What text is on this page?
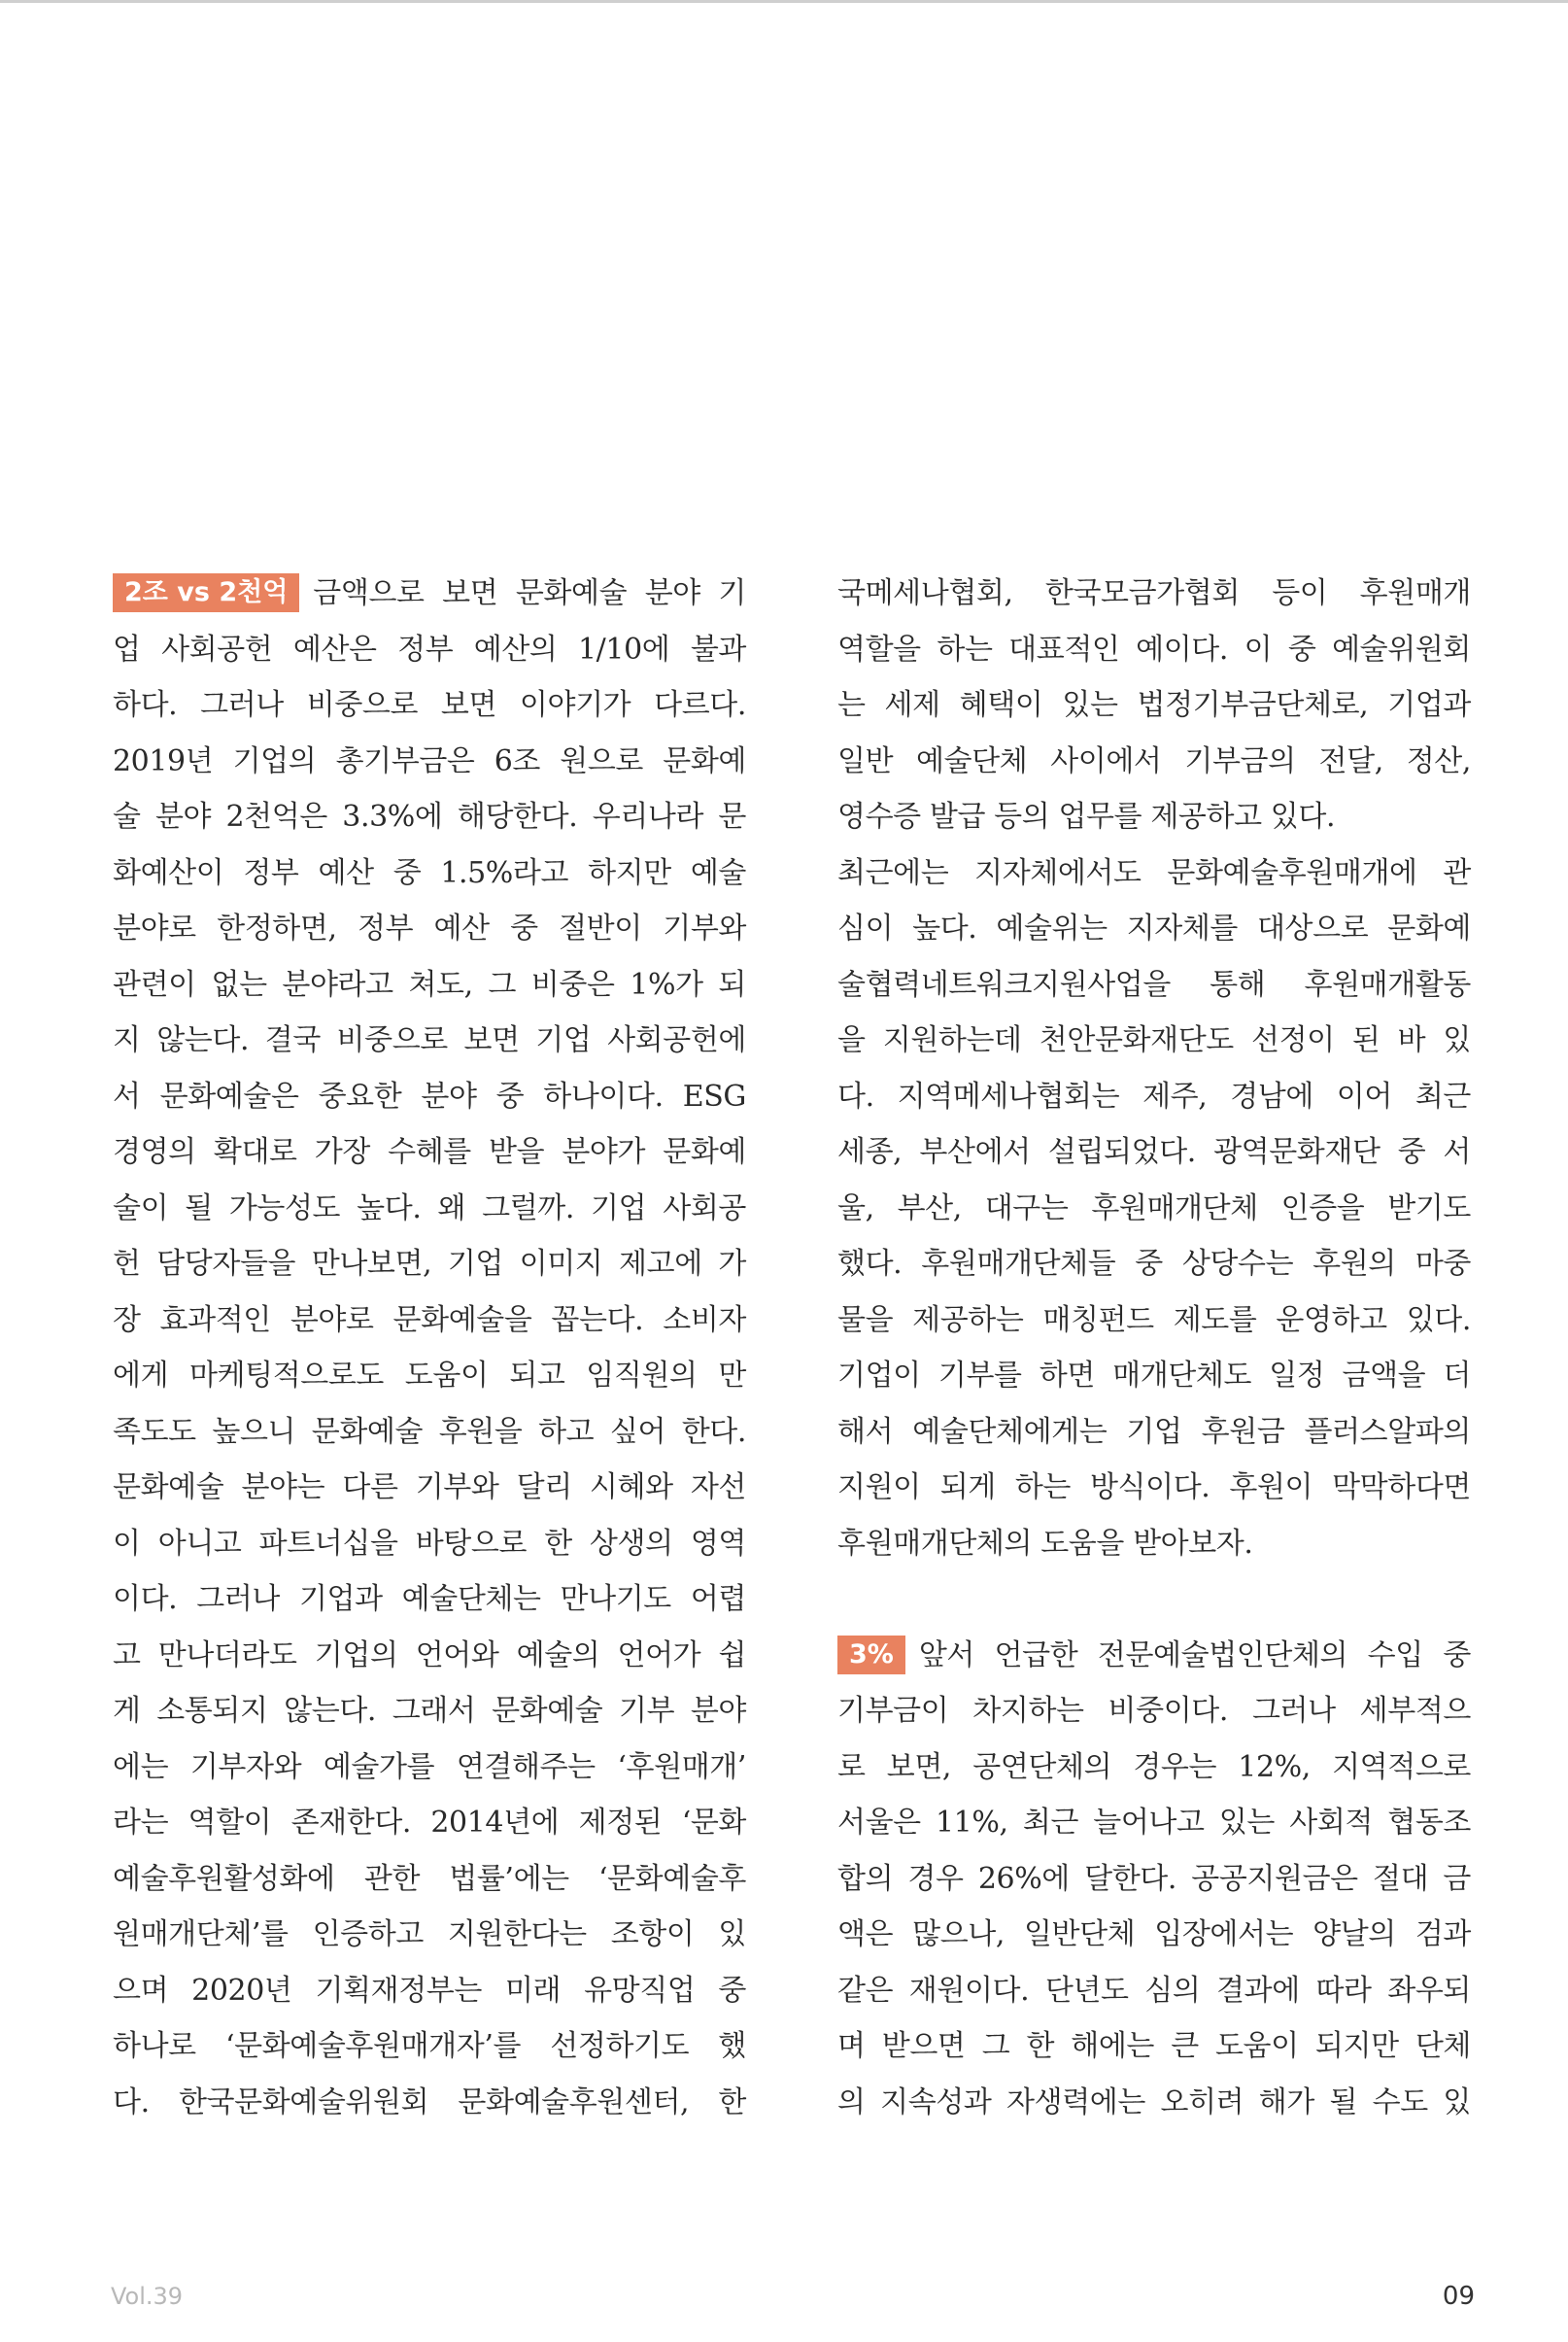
2조 vs 2천억 금액으로 보면 문화예술 분야 기
업 사회공헌 예산은 정부 예산의 1/10에 불과
하다. 그러나 비중으로 보면 이야기가 다르다.
2019년 기업의 총기부금은 6조 원으로 문화예
술 분야 2천억은 3.3%에 해당한다. 우리나라 문
화예산이 정부 예산 중 1.5%라고 하지만 예술
분야로 한정하면, 정부 예산 중 절반이 기부와
관련이 없는 분야라고 쳐도, 그 비중은 1%가 되
지 않는다. 결국 비중으로 보면 기업 사회공헌에
서 문화예술은 중요한 분야 중 하나이다. ESG
경영의 확대로 가장 수혜를 받을 분야가 문화예
술이 될 가능성도 높다. 왜 그럴까. 기업 사회공
헌 담당자들을 만나보면, 기업 이미지 제고에 가
장 효과적인 분야로 문화예술을 꼽는다. 소비자
에게 마케팅적으로도 도움이 되고 임직원의 만
족도도 높으니 문화예술 후원을 하고 싶어 한다.
문화예술 분야는 다른 기부와 달리 시혜와 자선
이 아니고 파트너십을 바탕으로 한 상생의 영역
이다. 그러나 기업과 예술단체는 만나기도 어렵
고 만나더라도 기업의 언어와 예술의 언어가 쉽
게 소통되지 않는다. 그래서 문화예술 기부 분야
에는 기부자와 예술가를 연결해주는 ‘후원매개’
라는 역할이 존재한다. 2014년에 제정된 ‘문화
예술후원활성화에 관한 법률’에는 ‘문화예술후
원매개단체’를 인증하고 지원한다는 조항이 있
으며 2020년 기획재정부는 미래 유망직업 중
하나로 ‘문화예술후원매개자’를 선정하기도 했
다. 한국문화예술위원회 문화예술후원센터, 한
국메세나협회, 한국모금가협회 등이 후원매개
역할을 하는 대표적인 예이다. 이 중 예술위원회
는 세제 혜택이 있는 법정기부금단체로, 기업과
일반 예술단체 사이에서 기부금의 전달, 정산,
영수증 발급 등의 업무를 제공하고 있다.
최근에는 지자체에서도 문화예술후원매개에 관
심이 높다. 예술위는 지자체를 대상으로 문화예
술협력네트워크지원사업을 통해 후원매개활동
을 지원하는데 천안문화재단도 선정이 된 바 있
다. 지역메세나협회는 제주, 경남에 이어 최근
세종, 부산에서 설립되었다. 광역문화재단 중 서
울, 부산, 대구는 후원매개단체 인증을 받기도
했다. 후원매개단체들 중 상당수는 후원의 마중
물을 제공하는 매칭펀드 제도를 운영하고 있다.
기업이 기부를 하면 매개단체도 일정 금액을 더
해서 예술단체에게는 기업 후원금 플러스알파의
지원이 되게 하는 방식이다. 후원이 막막하다면
후원매개단체의 도움을 받아보자.
3% 앞서 언급한 전문예술법인단체의 수입 중
기부금이 차지하는 비중이다. 그러나 세부적으
로 보면, 공연단체의 경우는 12%, 지역적으로
서울은 11%, 최근 늘어나고 있는 사회적 협동조
합의 경우 26%에 달한다. 공공지원금은 절대 금
액은 많으나, 일반단체 입장에서는 양날의 검과
같은 재원이다. 단년도 심의 결과에 따라 좌우되
며 받으면 그 한 해에는 큰 도움이 되지만 단체
의 지속성과 자생력에는 오히려 해가 될 수도 있
Vol.39	09
